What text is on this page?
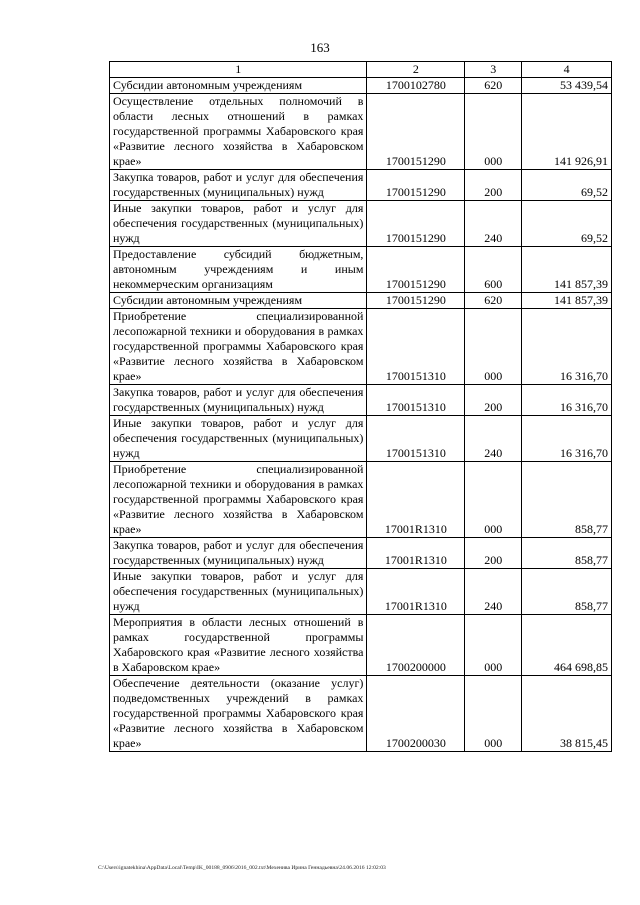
163
1	2	3	4
Субсидии автономным учреждениям	1700102780	620	53 439,54
Осуществление отдельных полномочий в области лесных отношений в рамках государственной программы Хабаровского края «Развитие лесного хозяйства в Хабаровском крае»	1700151290	000	141 926,91
Закупка товаров, работ и услуг для обеспечения государственных (муниципальных) нужд	1700151290	200	69,52
Иные закупки товаров, работ и услуг для обеспечения государственных (муниципальных) нужд	1700151290	240	69,52
Предоставление субсидий бюджетным, автономным учреждениям и иным некоммерческим организациям	1700151290	600	141 857,39
Субсидии автономным учреждениям	1700151290	620	141 857,39
Приобретение специализированной лесопожарной техники и оборудования в рамках государственной программы Хабаровского края «Развитие лесного хозяйства в Хабаровском крае»	1700151310	000	16 316,70
Закупка товаров, работ и услуг для обеспечения государственных (муниципальных) нужд	1700151310	200	16 316,70
Иные закупки товаров, работ и услуг для обеспечения государственных (муниципальных) нужд	1700151310	240	16 316,70
Приобретение специализированной лесопожарной техники и оборудования в рамках государственной программы Хабаровского края «Развитие лесного хозяйства в Хабаровском крае»	17001R1310	000	858,77
Закупка товаров, работ и услуг для обеспечения государственных (муниципальных) нужд	17001R1310	200	858,77
Иные закупки товаров, работ и услуг для обеспечения государственных (муниципальных) нужд	17001R1310	240	858,77
Мероприятия в области лесных отношений в рамках государственной программы Хабаровского края «Развитие лесного хозяйства в Хабаровском крае»	1700200000	000	464 698,85
Обеспечение деятельности (оказание услуг) подведомственных учреждений в рамках государственной программы Хабаровского края «Развитие лесного хозяйства в Хабаровском крае»	1700200030	000	38 815,45
C:\Users\ignatekhina\AppData\Local\Temp\IK_00188_0906\2016_002.txt\Мехенива Ирина Геннадьевна\24.06.2016 12:02:03
